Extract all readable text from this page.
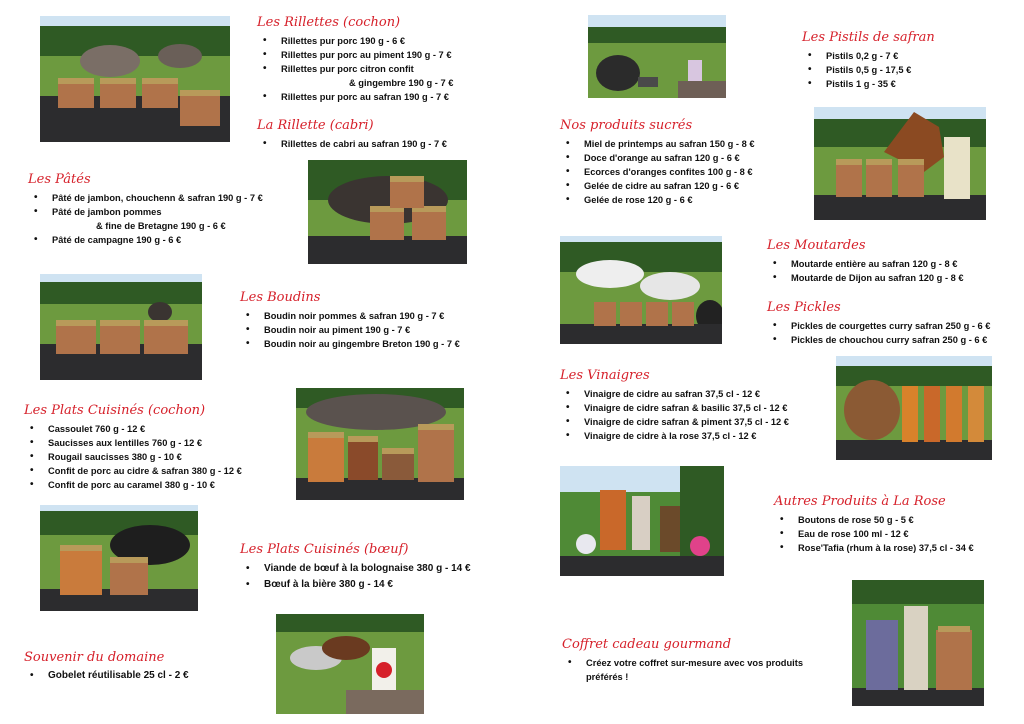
Les Rillettes (cochon)
• Rillettes pur porc 190 g - 6 €
• Rillettes pur porc au piment 190 g - 7 €
• Rillettes pur porc citron confit
& gingembre 190 g - 7 €
• Rillettes pur porc au safran 190 g - 7 €
La Rillette (cabri)
• Rillettes de cabri au safran 190 g - 7 €
Les Pâtés
• Pâté de jambon, chouchenn & safran 190 g - 7 €
• Pâté de jambon pommes
& fine de Bretagne 190 g - 6 €
• Pâté de campagne 190 g - 6 €
Les Boudins
• Boudin noir pommes & safran 190 g - 7 €
• Boudin noir au piment 190 g - 7 €
• Boudin noir au gingembre Breton 190 g - 7 €
Les Plats Cuisinés (cochon)
• Cassoulet 760 g - 12 €
• Saucisses aux lentilles 760 g - 12 €
• Rougail saucisses 380 g - 10 €
• Confit de porc au cidre & safran 380 g - 12 €
• Confit de porc au caramel 380 g - 10 €
Les Plats Cuisinés (bœuf)
• Viande de bœuf à la bolognaise 380 g - 14 €
• Bœuf à la bière 380 g - 14 €
Souvenir du domaine
• Gobelet réutilisable 25 cl - 2 €
Les Pistils de safran
• Pistils 0,2 g - 7 €
• Pistils 0,5 g - 17,5 €
• Pistils 1 g - 35 €
Nos produits sucrés
• Miel de printemps au safran 150 g - 8 €
• Doce d'orange au safran 120 g - 6 €
• Ecorces d'oranges confites 100 g - 8 €
• Gelée de cidre au safran 120 g - 6 €
• Gelée de rose 120 g - 6 €
Les Moutardes
• Moutarde entière au safran 120 g - 8 €
• Moutarde de Dijon au safran 120 g - 8 €
Les Pickles
• Pickles de courgettes curry safran 250 g - 6 €
• Pickles de chouchou curry safran 250 g - 6 €
Les Vinaigres
• Vinaigre de cidre au safran 37,5 cl - 12 €
• Vinaigre de cidre safran & basilic 37,5 cl - 12 €
• Vinaigre de cidre safran & piment 37,5 cl - 12 €
• Vinaigre de cidre à la rose 37,5 cl - 12 €
Autres Produits à La Rose
• Boutons de rose 50 g - 5 €
• Eau de rose 100 ml - 12 €
• Rose'Tafia (rhum à la rose) 37,5 cl - 34 €
Coffret cadeau gourmand
• Créez votre coffret sur-mesure avec vos produits préférés !
